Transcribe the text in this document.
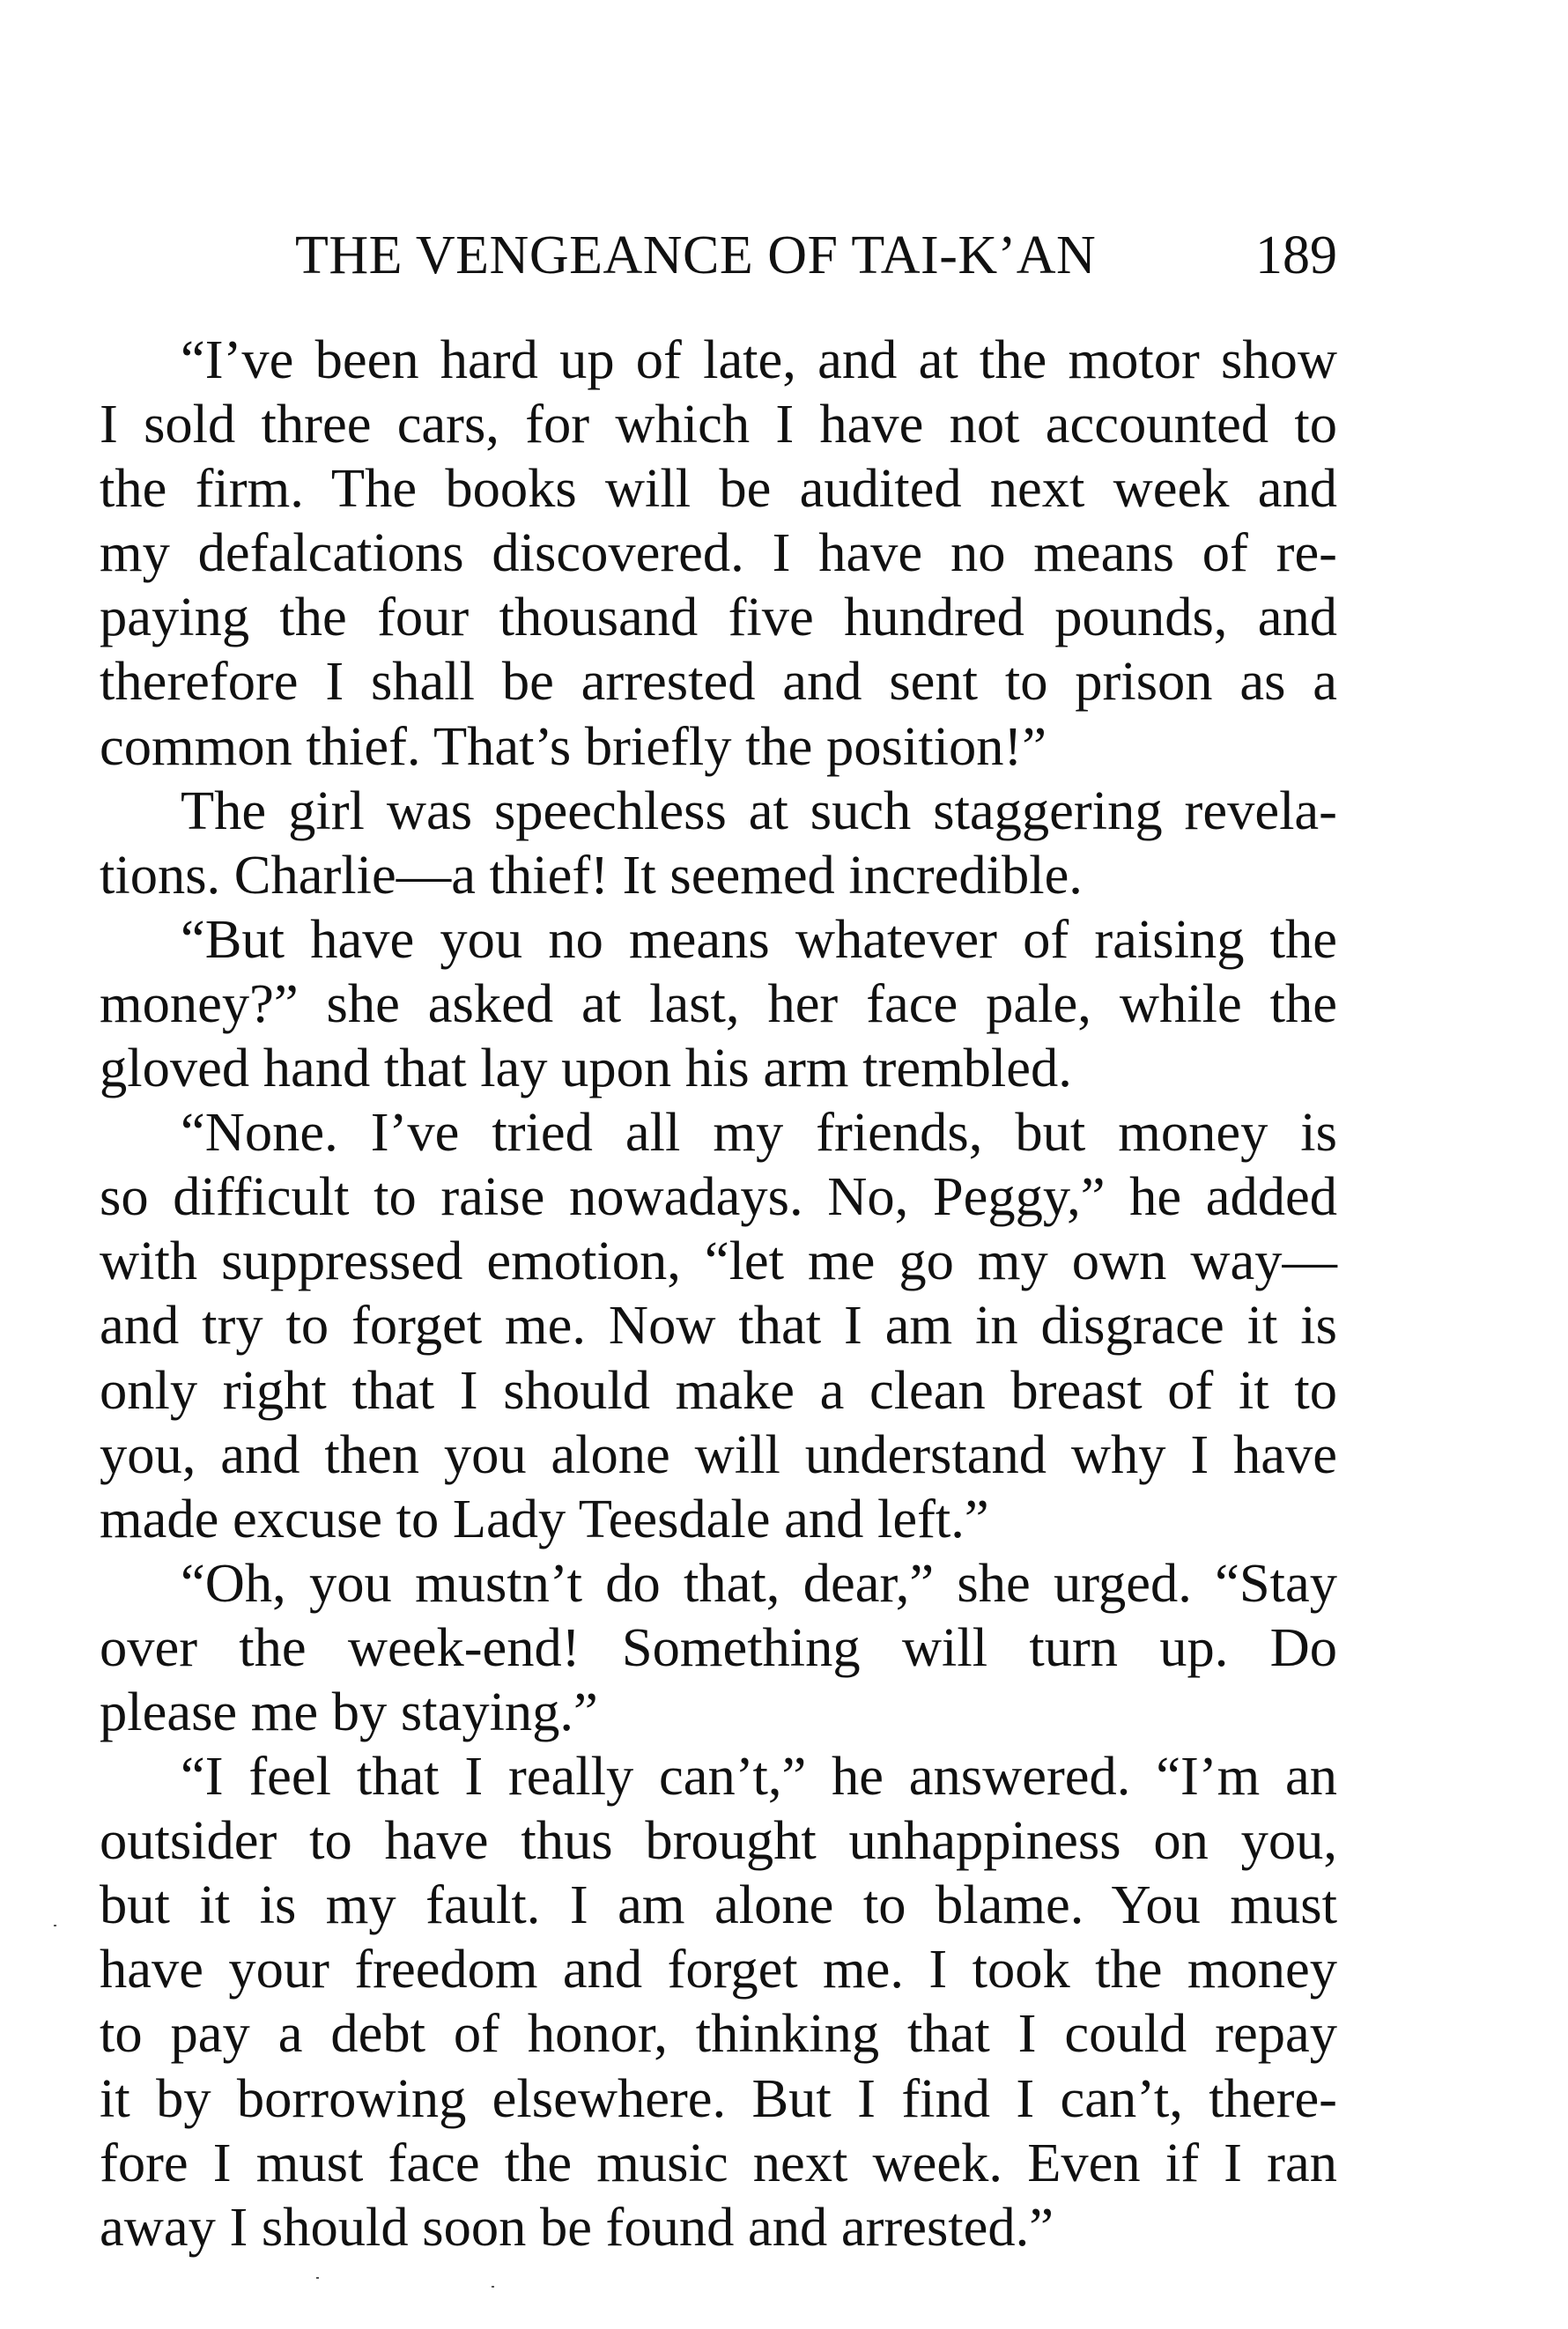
THE VENGEANCE OF TAI-K’AN	189
“I’ve been hard up of late, and at the motor show
I sold three cars, for which I have not accounted to
the firm. The books will be audited next week and
my defalcations discovered. I have no means of re-
paying the four thousand five hundred pounds, and
therefore I shall be arrested and sent to prison as a
common thief. That’s briefly the position!”
The girl was speechless at such staggering revela-
tions. Charlie—a thief! It seemed incredible.
“But have you no means whatever of raising the
money?” she asked at last, her face pale, while the
gloved hand that lay upon his arm trembled.
“None. I’ve tried all my friends, but money is
so difficult to raise nowadays. No, Peggy,” he added
with suppressed emotion, “let me go my own way—
and try to forget me. Now that I am in disgrace it is
only right that I should make a clean breast of it to
you, and then you alone will understand why I have
made excuse to Lady Teesdale and left.”
“Oh, you mustn’t do that, dear,” she urged. “Stay
over the week-end! Something will turn up. Do
please me by staying.”
“I feel that I really can’t,” he answered. “I’m an
outsider to have thus brought unhappiness on you,
but it is my fault. I am alone to blame. You must
have your freedom and forget me. I took the money
to pay a debt of honor, thinking that I could repay
it by borrowing elsewhere. But I find I can’t, there-
fore I must face the music next week. Even if I ran
away I should soon be found and arrested.”
